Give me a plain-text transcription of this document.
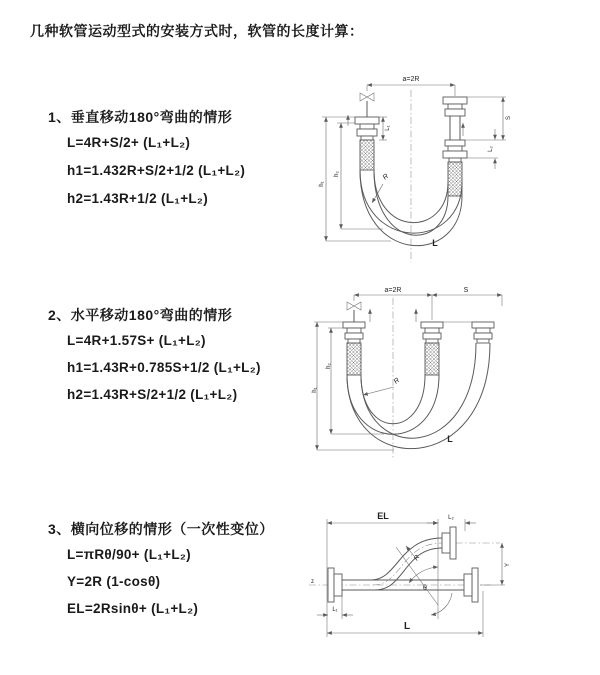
几种软管运动型式的安装方式时，软管的长度计算：
1、垂直移动180°弯曲的情形
L=4R+S/2+ (L₁+L₂)
h1=1.432R+S/2+1/2 (L₁+L₂)
h2=1.43R+1/2 (L₁+L₂)
2、水平移动180°弯曲的情形
L=4R+1.57S+ (L₁+L₂)
h1=1.43R+0.785S+1/2 (L₁+L₂)
h2=1.43R+S/2+1/2 (L₁+L₂)
3、横向位移的情形（一次性变位）
L=πRθ/90+ (L₁+L₂)
Y=2R (1-cosθ)
EL=2Rsinθ+ (L₁+L₂)
a=2R
L₁
h₁
h₂
S
L₂
R
L
a=2R	S
h₁
h₂
R
L
z
EL	L₂
Y
R
θ
L₁
L
